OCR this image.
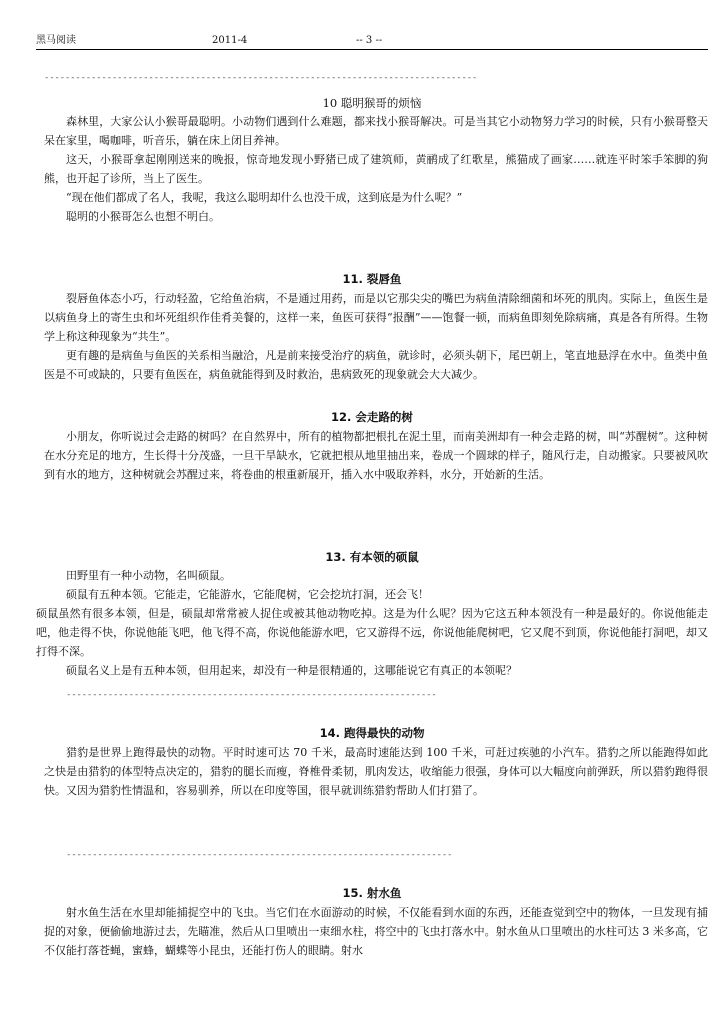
黑马阅读	2011-4	-- 3 --
-----------------------------------------------------------------------------------
10 聪明猴哥的烦恼

森林里，大家公认小猴哥最聪明。小动物们遇到什么难题，都来找小猴哥解决。可是当其它小动物努力学习的时候，只有小猴哥整天呆在家里，喝咖啡，听音乐，躺在床上闭目养神。

这天，小猴哥拿起刚刚送来的晚报，惊奇地发现小野猪已成了建筑师，黄鹂成了红歌星，熊猫成了画家……就连平时笨手笨脚的狗熊，也开起了诊所，当上了医生。

“现在他们都成了名人，我呢，我这么聪明却什么也没干成，这到底是为什么呢？”

聪明的小猴哥怎么也想不明白。

11. 裂唇鱼

裂唇鱼体态小巧，行动轻盈，它给鱼治病，不是通过用药，而是以它那尖尖的嘴巴为病鱼清除细菌和坏死的肌肉。实际上，鱼医生是以病鱼身上的寄生虫和坏死组织作佳肴美餐的，这样一来，鱼医可获得“报酬”——饱餐一顿，而病鱼即刻免除病痛，真是各有所得。生物学上称这种现象为“共生”。

更有趣的是病鱼与鱼医的关系相当融洽，凡是前来接受治疗的病鱼，就诊时，必须头朝下，尾巴朝上，笔直地悬浮在水中。鱼类中鱼医是不可或缺的，只要有鱼医在，病鱼就能得到及时救治，患病致死的现象就会大大减少。

12. 会走路的树

小朋友，你听说过会走路的树吗？在自然界中，所有的植物都把根扎在泥土里，而南美洲却有一种会走路的树，叫“苏醒树”。这种树在水分充足的地方，生长得十分茂盛，一旦干旱缺水，它就把根从地里抽出来，卷成一个圆球的样子，随风行走，自动搬家。只要被风吹到有水的地方，这种树就会苏醒过来，将卷曲的根重新展开，插入水中吸取养料，水分，开始新的生活。

13. 有本领的硕鼠

田野里有一种小动物，名叫硕鼠。

硕鼠有五种本领。它能走，它能游水，它能爬树，它会挖坑打洞，还会飞！

硕鼠虽然有很多本领，但是，硕鼠却常常被人捉住或被其他动物吃掉。这是为什么呢？因为它这五种本领没有一种是最好的。你说他能走吧，他走得不快，你说他能飞吧，他飞得不高，你说他能游水吧，它又游得不远，你说他能爬树吧，它又爬不到顶，你说他能打洞吧，却又打得不深。

硕鼠名义上是有五种本领，但用起来，却没有一种是很精通的，这哪能说它有真正的本领呢？

-----------------------------------------------------------------------
14. 跑得最快的动物

猎豹是世界上跑得最快的动物。平时时速可达 70 千米，最高时速能达到 100 千米，可赶过疾驰的小汽车。猎豹之所以能跑得如此之快是由猎豹的体型特点决定的，猎豹的腿长而瘦，脊椎骨柔韧，肌肉发达，收缩能力很强，身体可以大幅度向前弹跃，所以猎豹跑得很快。又因为猎豹性情温和，容易驯养，所以在印度等国，很早就训练猎豹帮助人们打猎了。

--------------------------------------------------------------------------
15. 射水鱼

射水鱼生活在水里却能捕捉空中的飞虫。当它们在水面游动的时候，不仅能看到水面的东西，还能查觉到空中的物体，一旦发现有捕捉的对象，便偷偷地游过去，先瞄准，然后从口里喷出一束细水柱，将空中的飞虫打落水中。射水鱼从口里喷出的水柱可达 3 米多高，它不仅能打落苍蝇，蜜蜂，蝴蝶等小昆虫，还能打伤人的眼睛。射水
